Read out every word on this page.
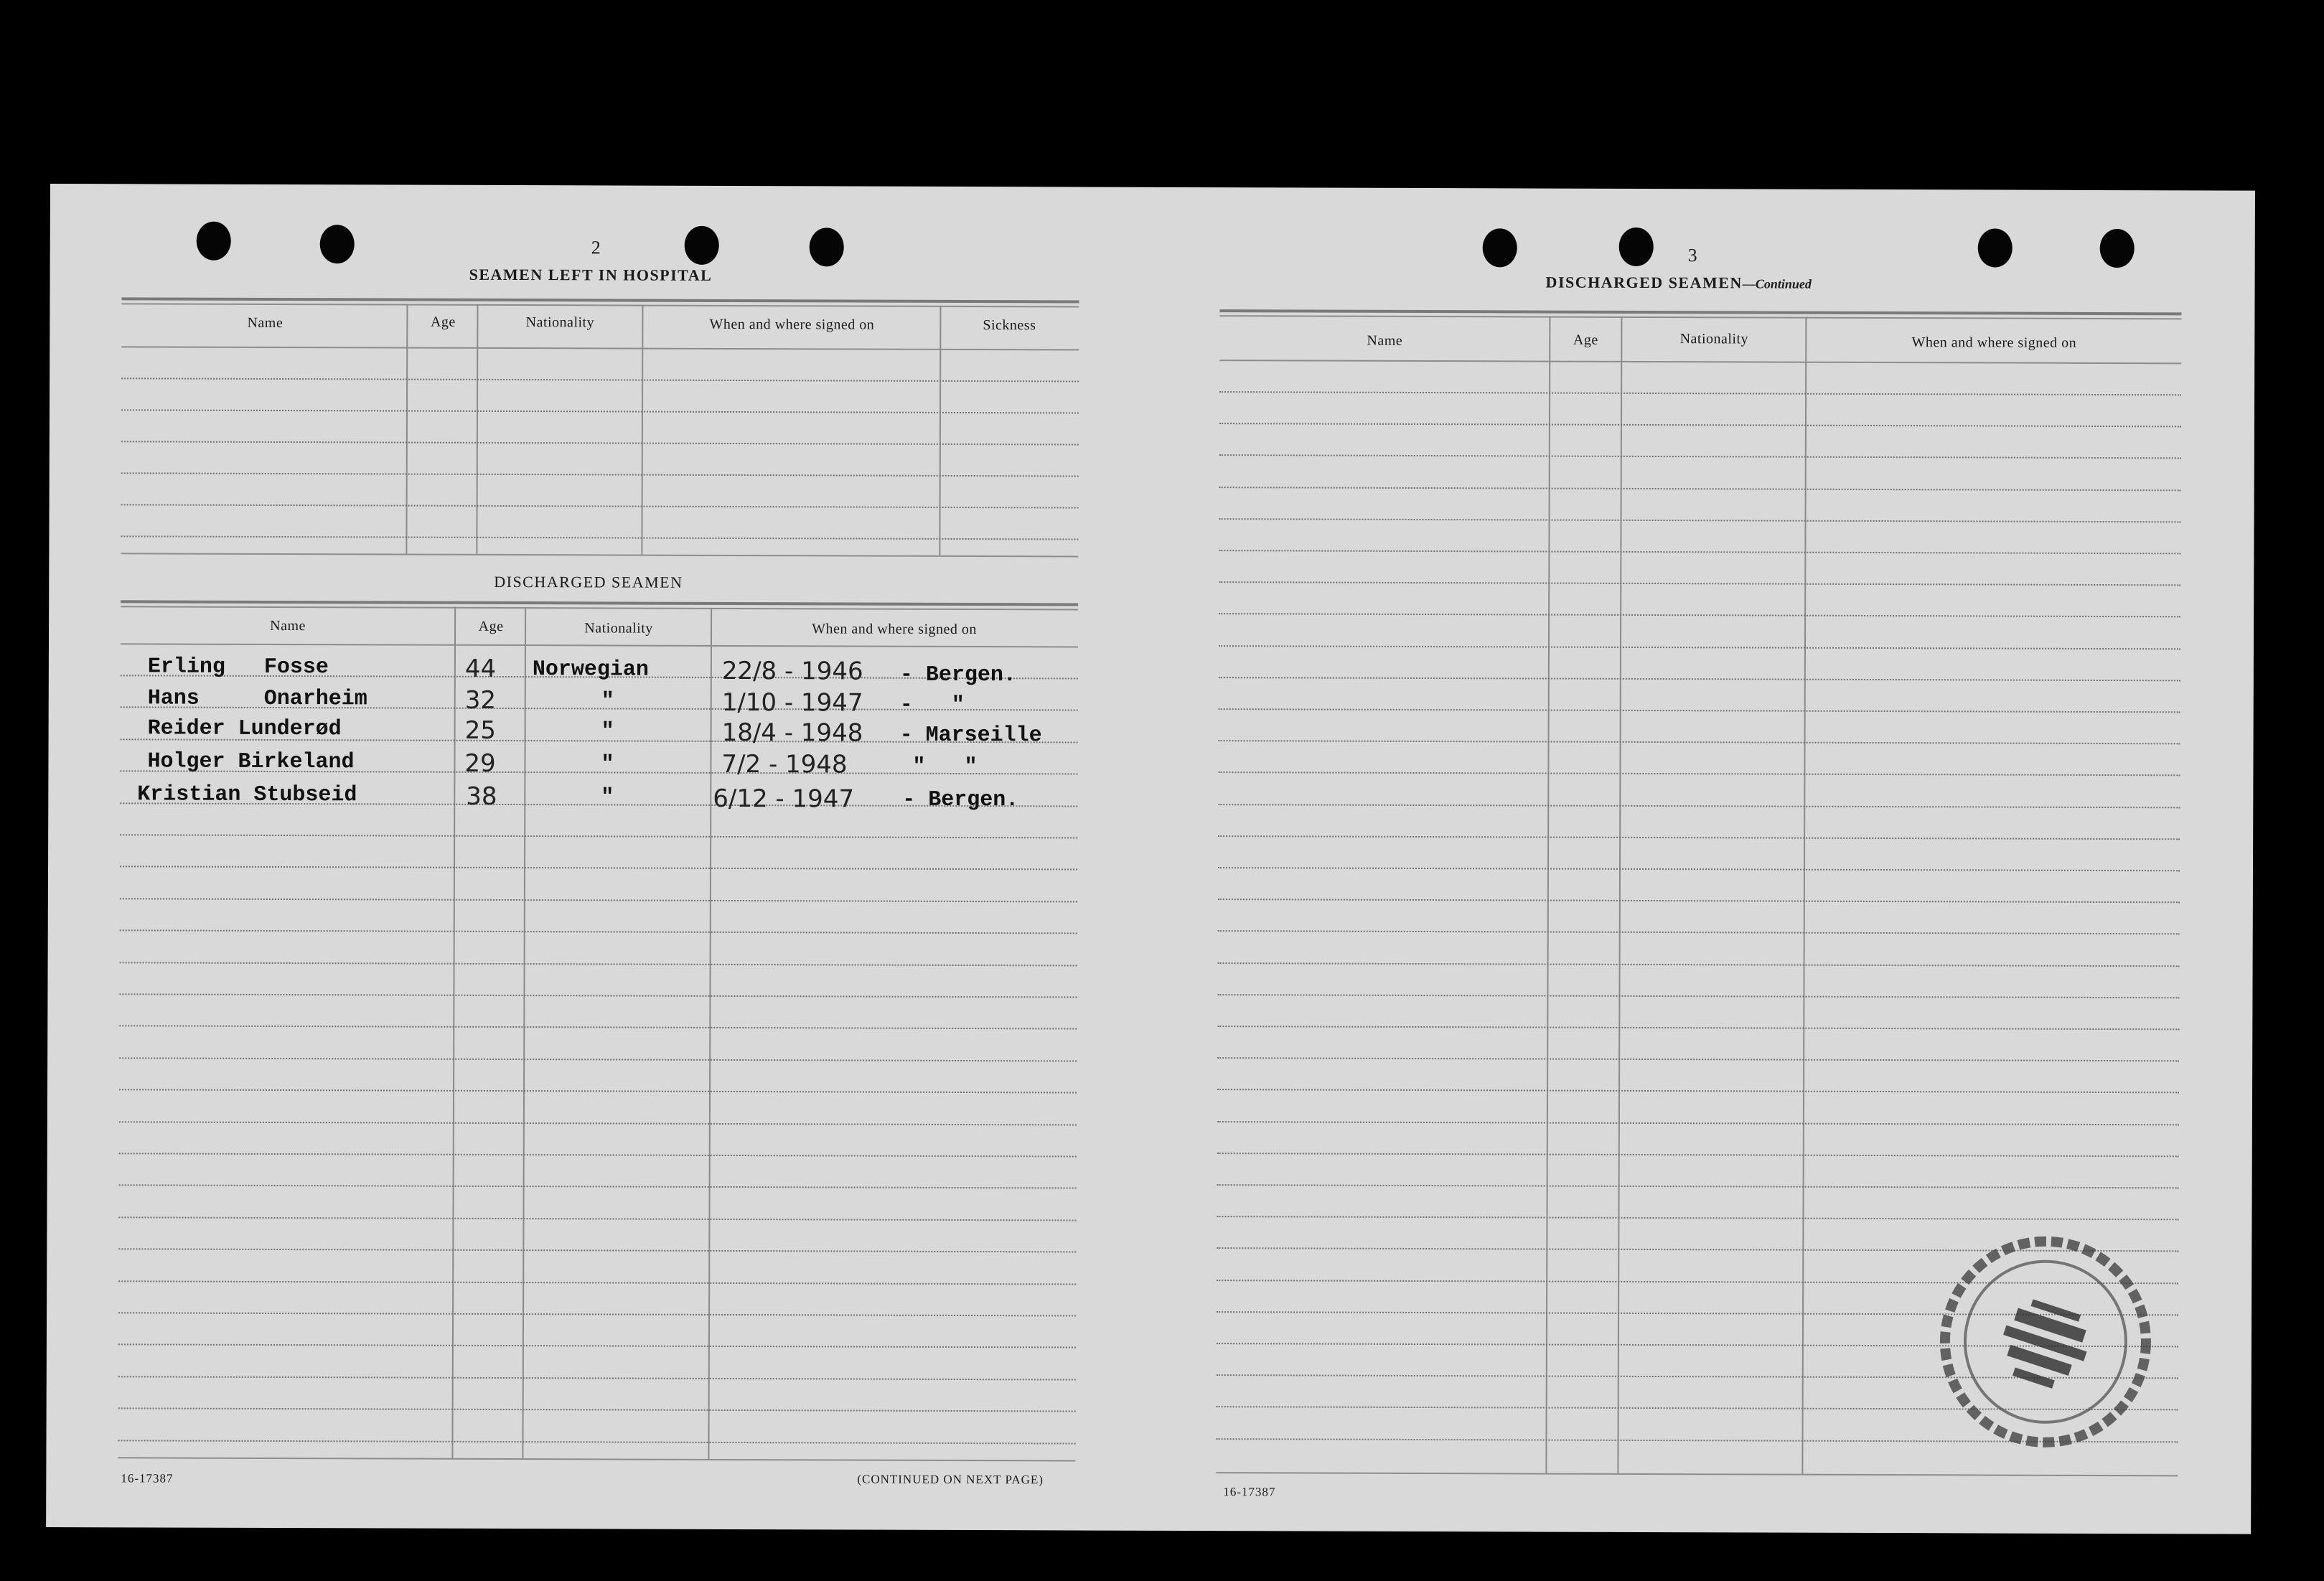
2
SEAMEN LEFT IN HOSPITAL
Name	Age	Nationality	When and where signed on	Sickness
DISCHARGED SEAMEN
Name	Age	Nationality	When and where signed on
Erling   Fosse	44 Norwegian	22/8 - 1946 - Bergen.
Hans     Onarheim	32	"	1/10 - 1947 -   "
Reider Lunderød	25	"	18/4 - 1948 - Marseille
Holger Birkeland	29	"	7/2 - 1948 "   "
Kristian Stubseid	38	"	6/12 - 1947 - Bergen.
16-17387	(CONTINUED ON NEXT PAGE)
3
DISCHARGED SEAMEN—Continued
Name	Age	Nationality	When and where signed on
16-17387
